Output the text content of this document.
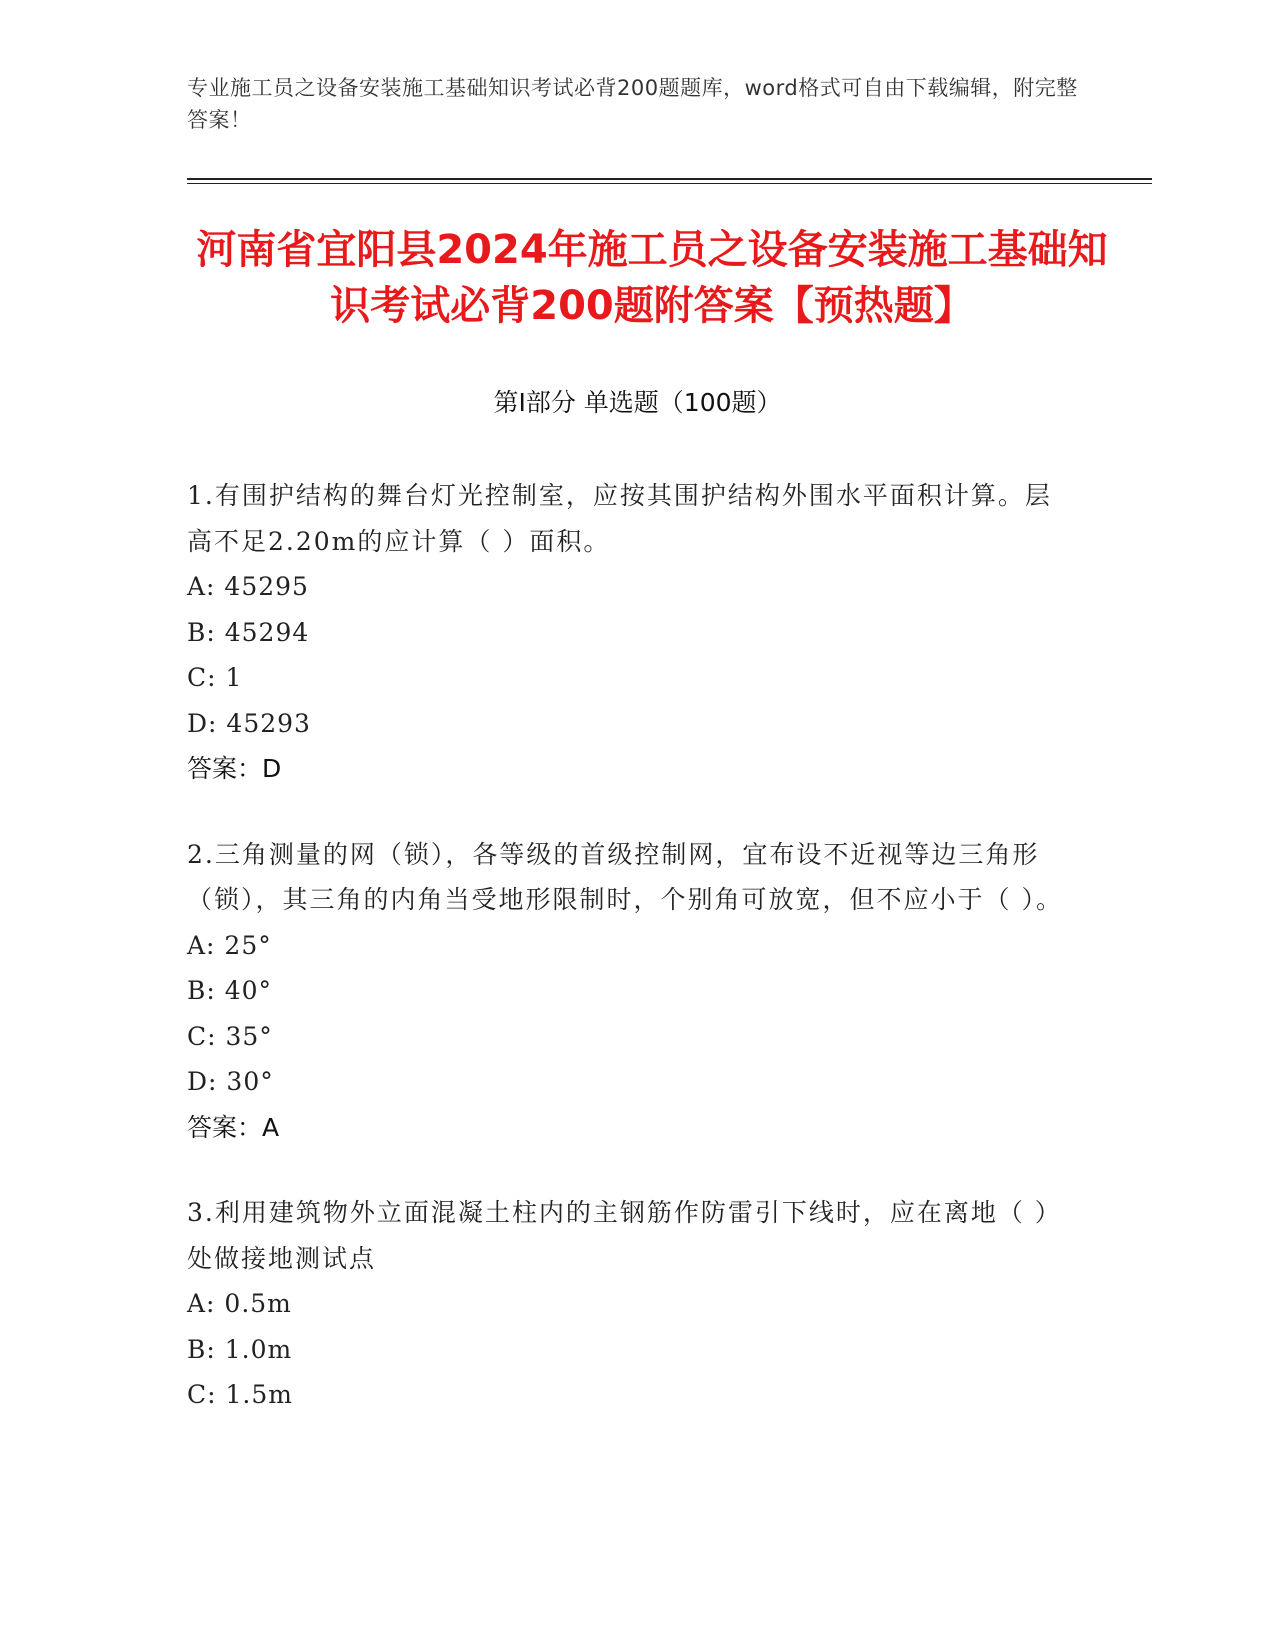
专业施工员之设备安装施工基础知识考试必背200题题库，word格式可自由下载编辑，附完整答案！
河南省宜阳县2024年施工员之设备安装施工基础知识考试必背200题附答案【预热题】
第I部分 单选题（100题）

1.有围护结构的舞台灯光控制室，应按其围护结构外围水平面积计算。层高不足2.20m的应计算（ ）面积。

A: 45295

B: 45294

C: 1

D: 45293

答案：D

2.三角测量的网（锁），各等级的首级控制网，宜布设不近视等边三角形（锁），其三角的内角当受地形限制时，个别角可放宽，但不应小于（ ）。

A: 25°

B: 40°

C: 35°

D: 30°

答案：A

3.利用建筑物外立面混凝土柱内的主钢筋作防雷引下线时，应在离地（ ）处做接地测试点

A: 0.5m

B: 1.0m

C: 1.5m
